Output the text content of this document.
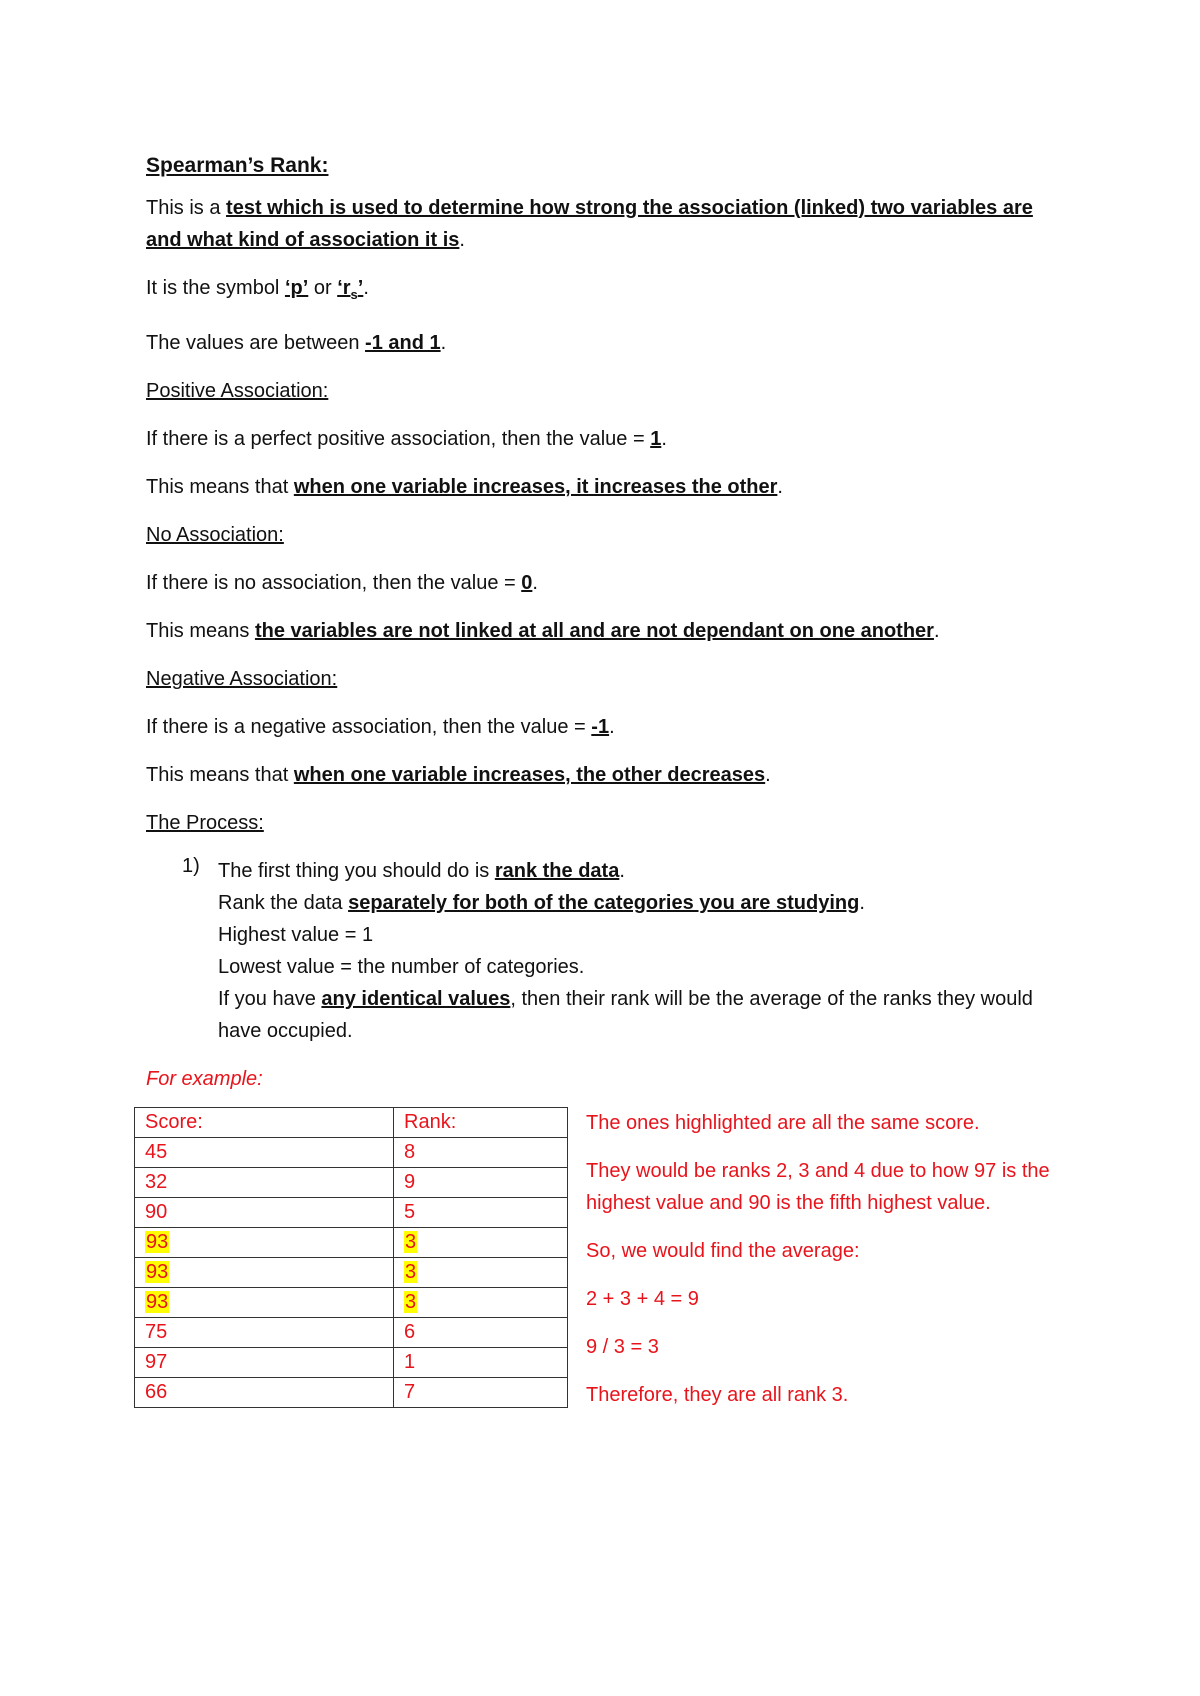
Spearman’s Rank:

This is a test which is used to determine how strong the association (linked) two variables are and what kind of association it is.

It is the symbol ‘p’ or ‘$r_s$’.

The values are between -1 and 1.

Positive Association:

If there is a perfect positive association, then the value = 1.

This means that when one variable increases, it increases the other.

No Association:

If there is no association, then the value = 0.

This means the variables are not linked at all and are not dependant on one another.

Negative Association:

If there is a negative association, then the value = -1.

This means that when one variable increases, the other decreases.

The Process:

1) The first thing you should do is rank the data.

Rank the data separately for both of the categories you are studying.

Highest value = 1

Lowest value = the number of categories.

If you have any identical values, then their rank will be the average of the ranks they would have occupied.

For example:

Score:	Rank:
45	8
32	9
90	5
93	3
93	3
93	3
75	6
97	1
66	7

The ones highlighted are all the same score.

They would be ranks 2, 3 and 4 due to how 97 is the highest value and 90 is the fifth highest value.

So, we would find the average:

2 + 3 + 4 = 9

9 / 3 = 3

Therefore, they are all rank 3.
